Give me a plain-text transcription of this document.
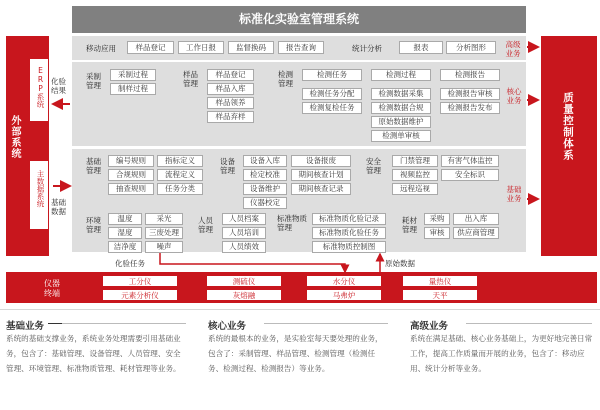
标准化实验室管理系统
外部系统
ERP系统
主数据系统
质量控制体系
化验结果
基础数据
移动应用	样品登记	工作日报	监督换码	报告查询	统计分析	报表	分析图形	高级业务
采制管理
采制过程
制样过程
样品管理
样品登记
样品入库
样品领养
样品弃样
检测管理
检测任务
检测任务分配
检测复检任务
检测过程
检测数据采集
检测数据合规
原始数据维护
检测单审核
检测报告
检测报告审核
检测报告发布
核心业务
基础管理
编号规则
合规规则
抽查规则
指标定义
流程定义
任务分类
设备管理
设备入库
检定校准
设备维护
仪器校定
设备报废
期间核查计划
期间核查记录
安全管理
门禁管理
视频监控
远程巡视
有害气体监控
安全标识
基础业务
环境管理
温度
湿度
洁净度
采光
三废处理
噪声
人员管理
人员档案
人员培训
人员绩效
标准物质管理
标准物质化验记录
标准物质化验任务
标准物质控制图
耗材管理
采购
审核
出入库
供应商管理
化验任务	原始数据
仪器终端
工分仪	测硫仪	水分仪	量热仪
元素分析仪	灰熔融	马弗炉	天平
基础业务
系统的基础支撑业务，系统业务处理需要引用基础业务，包含了：基础管理、设备管理、人员管理、安全管理、环境管理、标准物质管理、耗材管理等业务。
核心业务
系统的最根本的业务，是实验室每天要处理的业务，包含了：采制管理、样品管理、检测管理（检测任务、检测过程、检测报告）等业务。
高级业务
系统在满足基础、核心业务基础上，为更好地完善日常工作，提高工作质量而开展的业务，包含了：移动应用、统计分析等业务。
